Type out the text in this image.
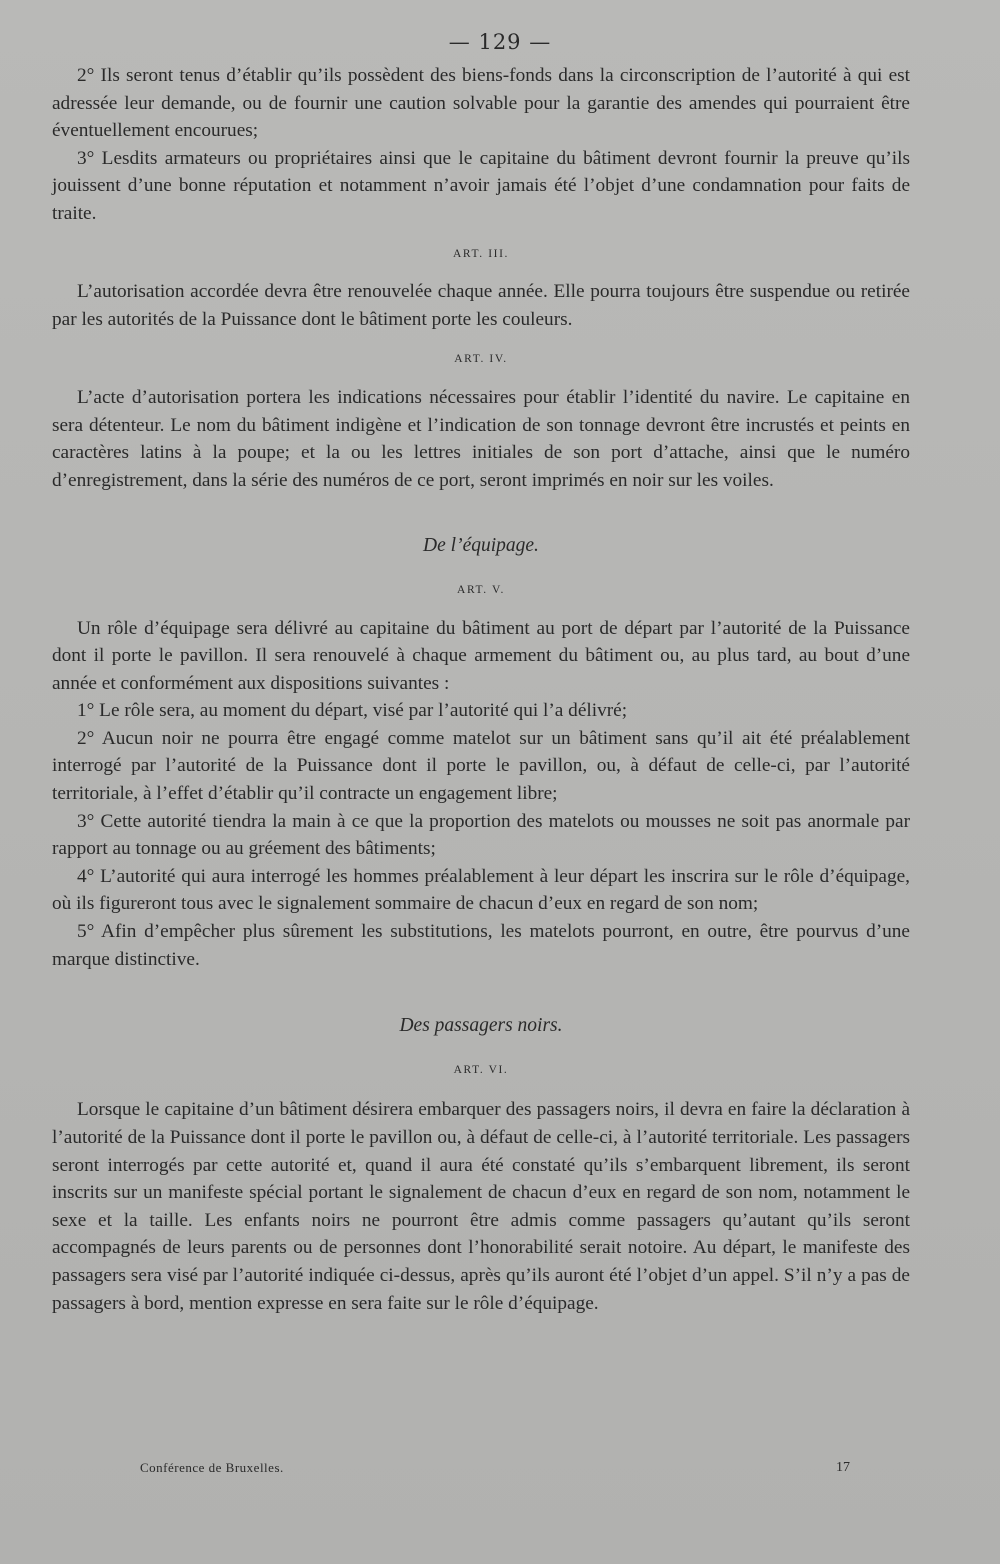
— 129 —

2° Ils seront tenus d’établir qu’ils possèdent des biens-fonds dans la circonscription de l’autorité à qui est adressée leur demande, ou de fournir une caution solvable pour la garantie des amendes qui pourraient être éventuellement encourues;

3° Lesdits armateurs ou propriétaires ainsi que le capitaine du bâtiment devront fournir la preuve qu’ils jouissent d’une bonne réputation et notamment n’avoir jamais été l’objet d’une condamnation pour faits de traite.

ART. III.

L’autorisation accordée devra être renouvelée chaque année. Elle pourra toujours être suspendue ou retirée par les autorités de la Puissance dont le bâtiment porte les couleurs.

ART. IV.

L’acte d’autorisation portera les indications nécessaires pour établir l’identité du navire. Le capitaine en sera détenteur. Le nom du bâtiment indigène et l’indication de son tonnage devront être incrustés et peints en caractères latins à la poupe; et la ou les lettres initiales de son port d’attache, ainsi que le numéro d’enregistrement, dans la série des numéros de ce port, seront imprimés en noir sur les voiles.

De l’équipage.

ART. V.

Un rôle d’équipage sera délivré au capitaine du bâtiment au port de départ par l’autorité de la Puissance dont il porte le pavillon. Il sera renouvelé à chaque armement du bâtiment ou, au plus tard, au bout d’une année et conformément aux dispositions suivantes :

1° Le rôle sera, au moment du départ, visé par l’autorité qui l’a délivré;

2° Aucun noir ne pourra être engagé comme matelot sur un bâtiment sans qu’il ait été préalablement interrogé par l’autorité de la Puissance dont il porte le pavillon, ou, à défaut de celle-ci, par l’autorité territoriale, à l’effet d’établir qu’il contracte un engagement libre;

3° Cette autorité tiendra la main à ce que la proportion des matelots ou mousses ne soit pas anormale par rapport au tonnage ou au gréement des bâtiments;

4° L’autorité qui aura interrogé les hommes préalablement à leur départ les inscrira sur le rôle d’équipage, où ils figureront tous avec le signalement sommaire de chacun d’eux en regard de son nom;

5° Afin d’empêcher plus sûrement les substitutions, les matelots pourront, en outre, être pourvus d’une marque distinctive.

Des passagers noirs.

ART. VI.

Lorsque le capitaine d’un bâtiment désirera embarquer des passagers noirs, il devra en faire la déclaration à l’autorité de la Puissance dont il porte le pavillon ou, à défaut de celle-ci, à l’autorité territoriale. Les passagers seront interrogés par cette autorité et, quand il aura été constaté qu’ils s’embarquent librement, ils seront inscrits sur un manifeste spécial portant le signalement de chacun d’eux en regard de son nom, notamment le sexe et la taille. Les enfants noirs ne pourront être admis comme passagers qu’autant qu’ils seront accompagnés de leurs parents ou de personnes dont l’honorabilité serait notoire. Au départ, le manifeste des passagers sera visé par l’autorité indiquée ci-dessus, après qu’ils auront été l’objet d’un appel. S’il n’y a pas de passagers à bord, mention expresse en sera faite sur le rôle d’équipage.

Conférence de Bruxelles.	17
